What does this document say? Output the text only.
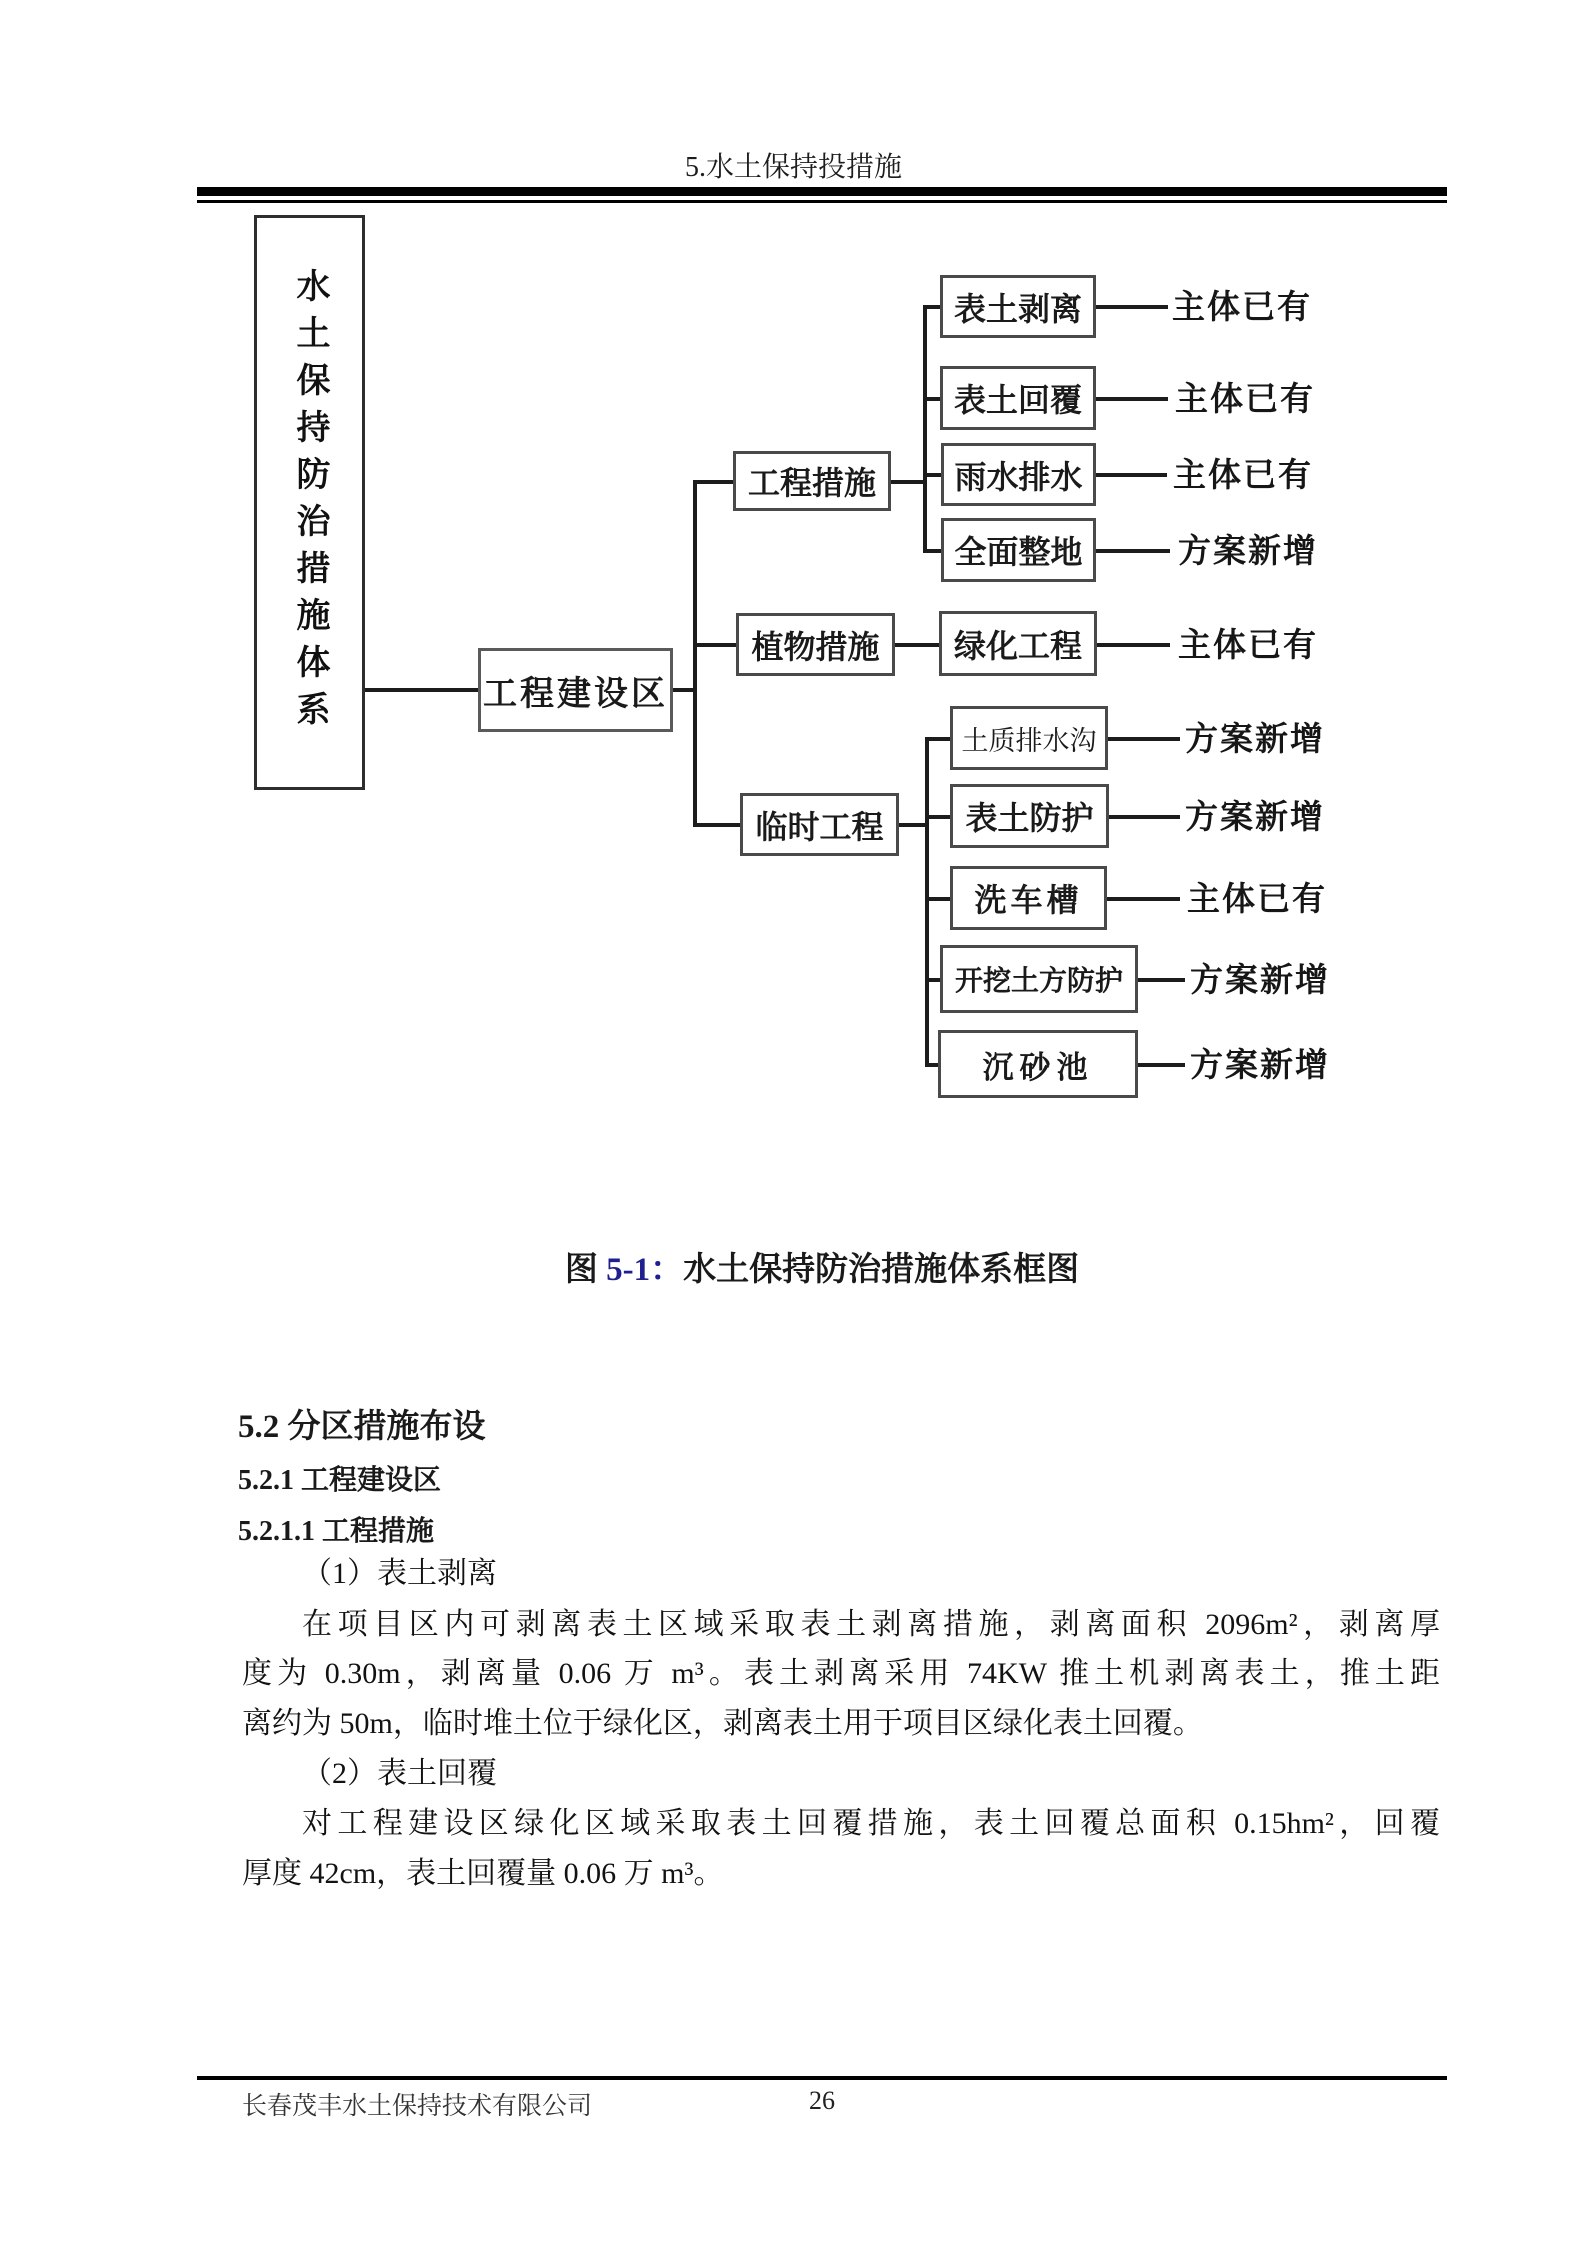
5.水土保持投措施
水土保持防治措施体系	工程建设区
工程措施
植物措施
临时工程
表土剥离
表土回覆
雨水排水
全面整地
主体已有
主体已有
主体已有
方案新增
绿化工程	主体已有
土质排水沟
表土防护
洗车槽
开挖土方防护
沉砂池
方案新增
方案新增
主体已有
方案新增
方案新增
图 5-1：水土保持防治措施体系框图
5.2 分区措施布设
5.2.1 工程建设区
5.2.1.1 工程措施
（1）表土剥离
在项目区内可剥离表土区域采取表土剥离措施，剥离面积 2096m²，剥离厚
度为 0.30m，剥离量 0.06 万 m³。表土剥离采用 74KW 推土机剥离表土，推土距
离约为 50m，临时堆土位于绿化区，剥离表土用于项目区绿化表土回覆。
（2）表土回覆
对工程建设区绿化区域采取表土回覆措施，表土回覆总面积 0.15hm²，回覆
厚度 42cm，表土回覆量 0.06 万 m³。
长春茂丰水土保持技术有限公司	26
